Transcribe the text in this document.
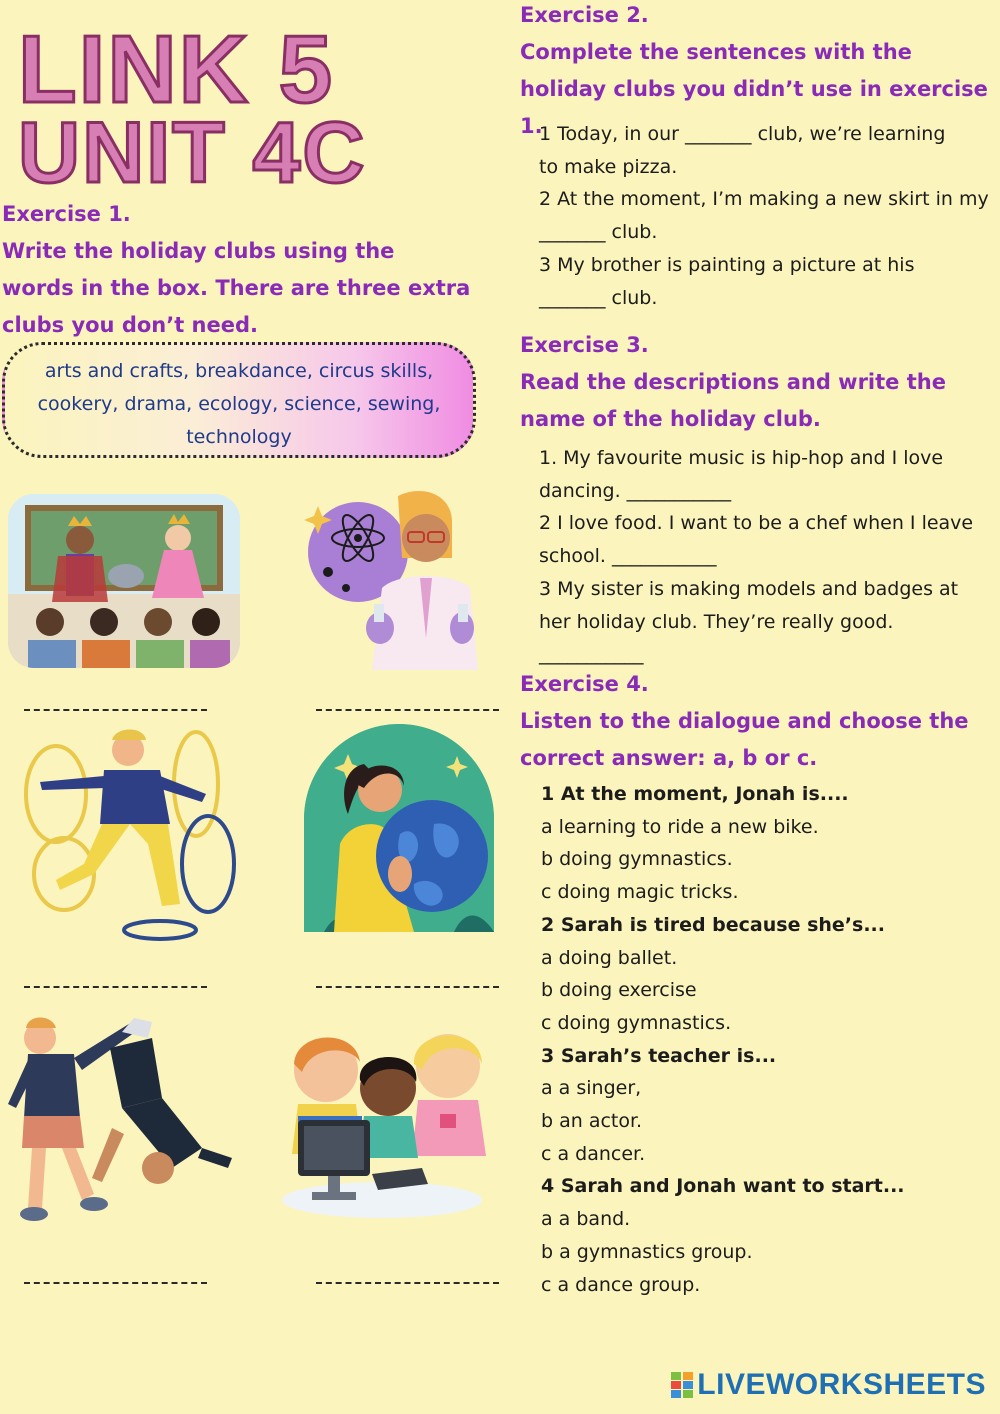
LINK 5
UNIT 4C

Exercise 1.

Write the holiday clubs using the words in the box. There are three extra clubs you don’t need.

arts and crafts, breakdance, circus skills, cookery, drama, ecology, science, sewing, technology

Exercise 2.

Complete the sentences with the holiday clubs you didn’t use in exercise 1.

1 Today, in our _______ club, we’re learning

to make pizza.

2 At the moment, I’m making a new skirt in my

_______ club.

3 My brother is painting a picture at his

_______ club.

Exercise 3.

Read the descriptions and write the name of the holiday club.

1. My favourite music is hip-hop and I love

dancing. ___________

2 I love food. I want to be a chef when I leave

school. ___________

3 My sister is making models and badges at

her holiday club. They’re really good.

___________

Exercise 4.

Listen to the dialogue and choose the correct answer: a, b or c.

1 At the moment, Jonah is....

a learning to ride a new bike.

b doing gymnastics.

c doing magic tricks.

2 Sarah is tired because she’s...

a doing ballet.

b doing exercise

c doing gymnastics.

3 Sarah’s teacher is...

a a singer,

b an actor.

c a dancer.

4 Sarah and Jonah want to start...

a a band.

b a gymnastics group.

c a dance group.

LIVEWORKSHEETS
